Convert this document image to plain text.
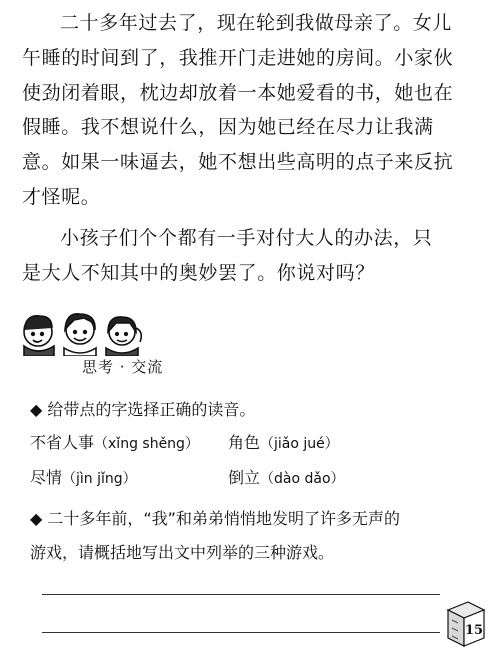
二十多年过去了，现在轮到我做母亲了。女儿
午睡的时间到了，我推开门走进她的房间。小家伙
使劲闭着眼，枕边却放着一本她爱看的书，她也在
假睡。我不想说什么，因为她已经在尽力让我满
意。如果一味逼去，她不想出些高明的点子来反抗
才怪呢。

小孩子们个个都有一手对付大人的办法，只
是大人不知其中的奥妙罢了。你说对吗？

思考 · 交流
◆ 给带点的字选择正确的读音。
不省人事（xǐng shěng） 角色（jiǎo jué）
尽情（jìn jǐng）	倒立（dào dǎo）
◆ 二十多年前，“我”和弟弟悄悄地发明了许多无声的
游戏，请概括地写出文中列举的三种游戏。
15
